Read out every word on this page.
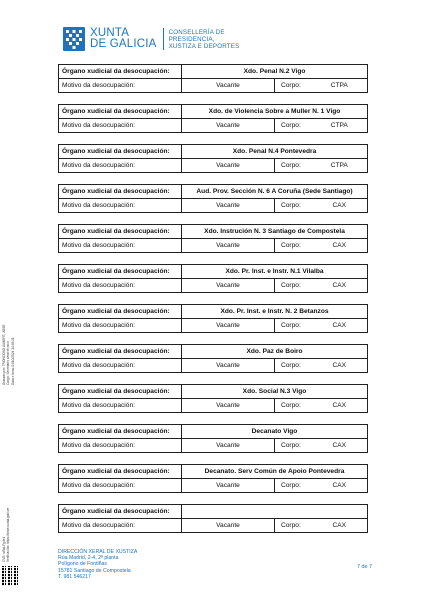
XUNTA
DE GALICIA
CONSELLERÍA DE
PRESIDENCIA,
XUSTIZA E DEPORTES
Órgano xudicial da desocupación:	Xdo. Penal N.2 Vigo		
Motivo da desocupación:	Vacante	Corpo:	CTPA
Órgano xudicial da desocupación:	Xdo. de Violencia Sobre a Muller N. 1 Vigo		
Motivo da desocupación:	Vacante	Corpo:	CTPA
Órgano xudicial da desocupación:	Xdo. Penal N.4 Pontevedra		
Motivo da desocupación:	Vacante	Corpo:	CTPA
Órgano xudicial da desocupación:	Aud. Prov. Sección N. 6 A Coruña (Sede Santiago)		
Motivo da desocupación:	Vacante	Corpo:	CAX
Órgano xudicial da desocupación:	Xdo. Instrución N. 3 Santiago de Compostela		
Motivo da desocupación:	Vacante	Corpo:	CAX
Órgano xudicial da desocupación:	Xdo. Pr. Inst. e Instr. N.1 Vilalba		
Motivo da desocupación:	Vacante	Corpo:	CAX
Órgano xudicial da desocupación:	Xdo. Pr. Inst. e Instr. N. 2 Betanzos		
Motivo da desocupación:	Vacante	Corpo:	CAX
Órgano xudicial da desocupación:	Xdo. Paz de Boiro		
Motivo da desocupación:	Vacante	Corpo:	CAX
Órgano xudicial da desocupación:	Xdo. Social N.3 Vigo		
Motivo da desocupación:	Vacante	Corpo:	CAX
Órgano xudicial da desocupación:	Decanato Vigo		
Motivo da desocupación:	Vacante	Corpo:	CAX
Órgano xudicial da desocupación:	Decanato. Serv Común de Apoio Pontevedra		
Motivo da desocupación:	Vacante	Corpo:	CAX
Órgano xudicial da desocupación:			
Motivo da desocupación:	Vacante	Corpo:	CAX
Asinado por: TRONCOSO AUBERT, JOSÉ Cargo: Secretario xeral técnico Data e hora: 04/10/2024 14:45:21
CVE: sf3qLFg4e1 Verificación: https://sede.xunta.gal/cve	DIRECCIÓN XERAL DE XUSTIZA
Rúa Madrid, 2-4, 2ª planta
Polígono de Fontiñas
15781 Santiago de Compostela
T. 981 546217
7 de 7
